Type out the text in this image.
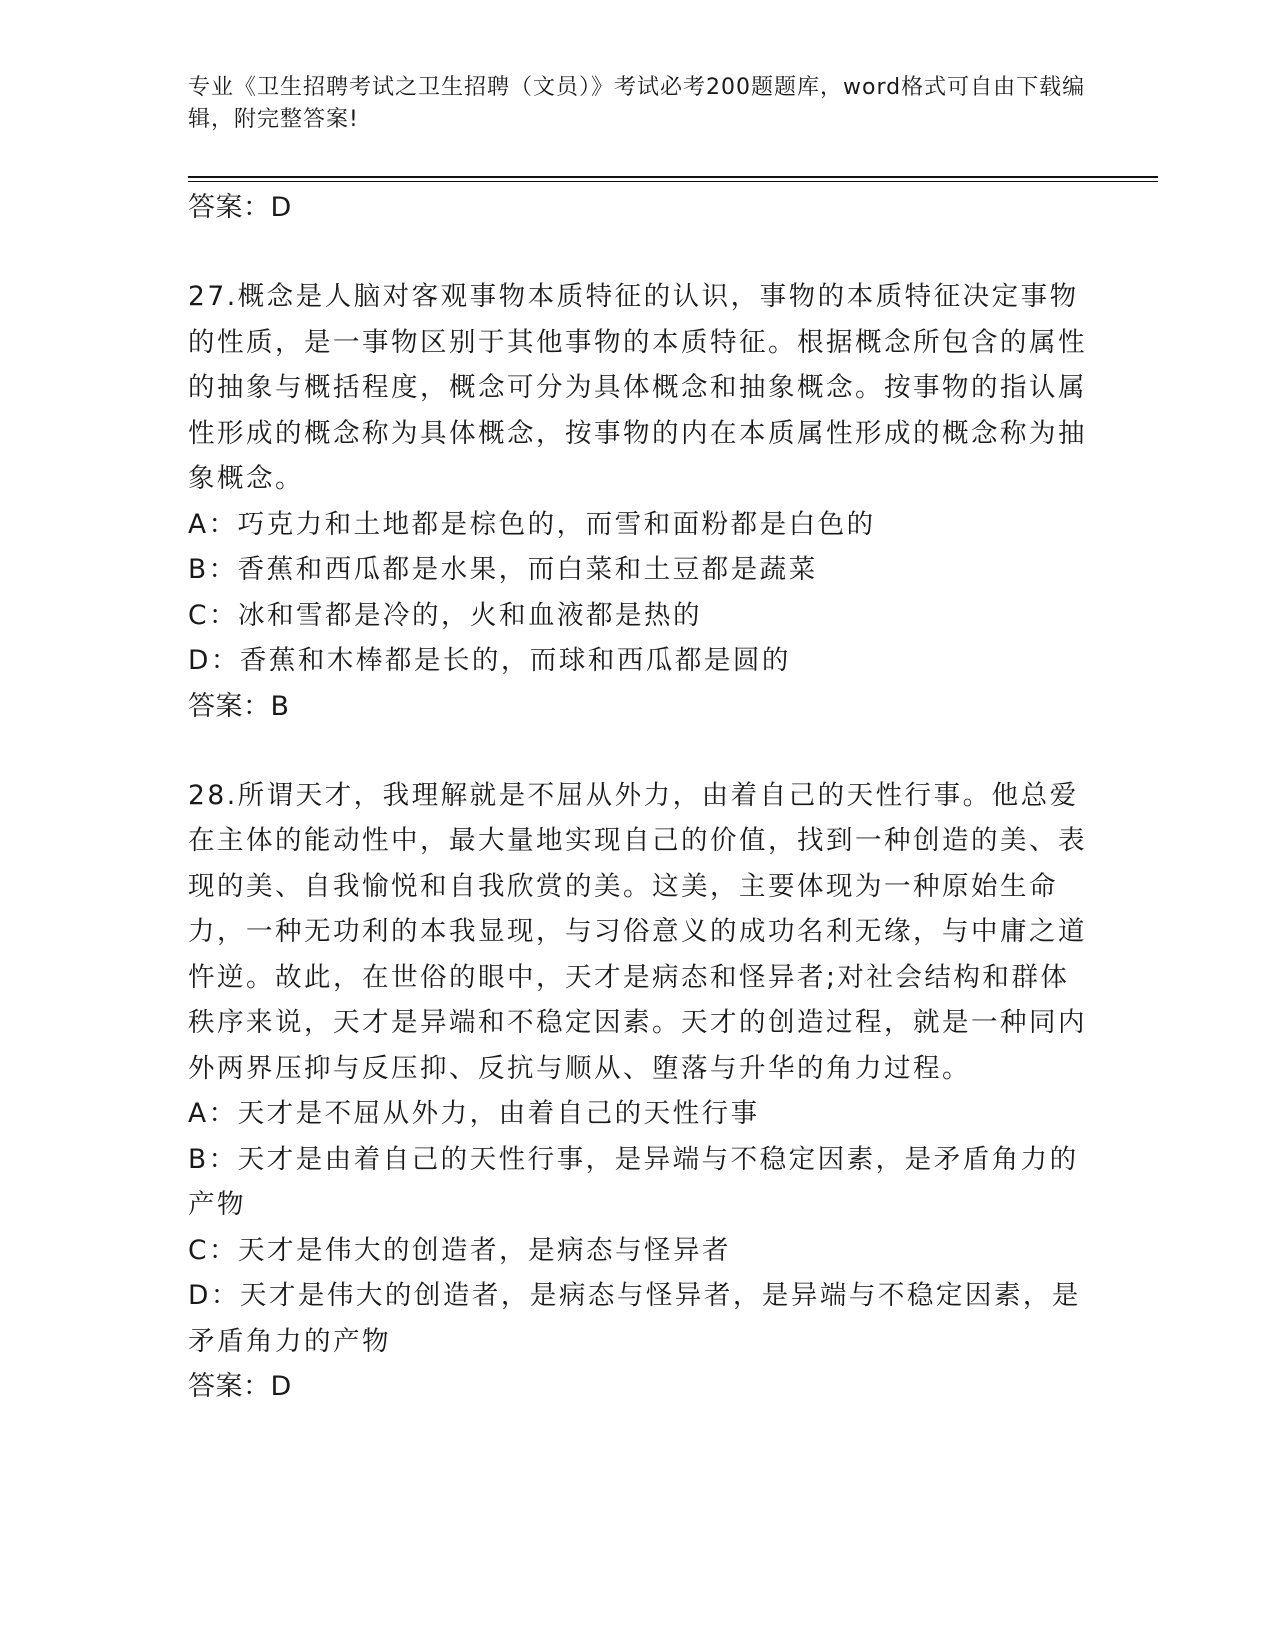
专业《卫生招聘考试之卫生招聘（文员）》考试必考200题题库，word格式可自由下载编辑，附完整答案!

答案：D

27.概念是人脑对客观事物本质特征的认识，事物的本质特征决定事物的性质，是一事物区别于其他事物的本质特征。根据概念所包含的属性的抽象与概括程度，概念可分为具体概念和抽象概念。按事物的指认属性形成的概念称为具体概念，按事物的内在本质属性形成的概念称为抽象概念。

A：巧克力和土地都是棕色的，而雪和面粉都是白色的

B：香蕉和西瓜都是水果，而白菜和土豆都是蔬菜

C：冰和雪都是冷的，火和血液都是热的

D：香蕉和木棒都是长的，而球和西瓜都是圆的

答案：B

28.所谓天才，我理解就是不屈从外力，由着自己的天性行事。他总爱在主体的能动性中，最大量地实现自己的价值，找到一种创造的美、表现的美、自我愉悦和自我欣赏的美。这美，主要体现为一种原始生命力，一种无功利的本我显现，与习俗意义的成功名利无缘，与中庸之道忤逆。故此，在世俗的眼中，天才是病态和怪异者;对社会结构和群体秩序来说，天才是异端和不稳定因素。天才的创造过程，就是一种同内外两界压抑与反压抑、反抗与顺从、堕落与升华的角力过程。

A：天才是不屈从外力，由着自己的天性行事

B：天才是由着自己的天性行事，是异端与不稳定因素，是矛盾角力的产物

C：天才是伟大的创造者，是病态与怪异者

D：天才是伟大的创造者，是病态与怪异者，是异端与不稳定因素，是矛盾角力的产物

答案：D
